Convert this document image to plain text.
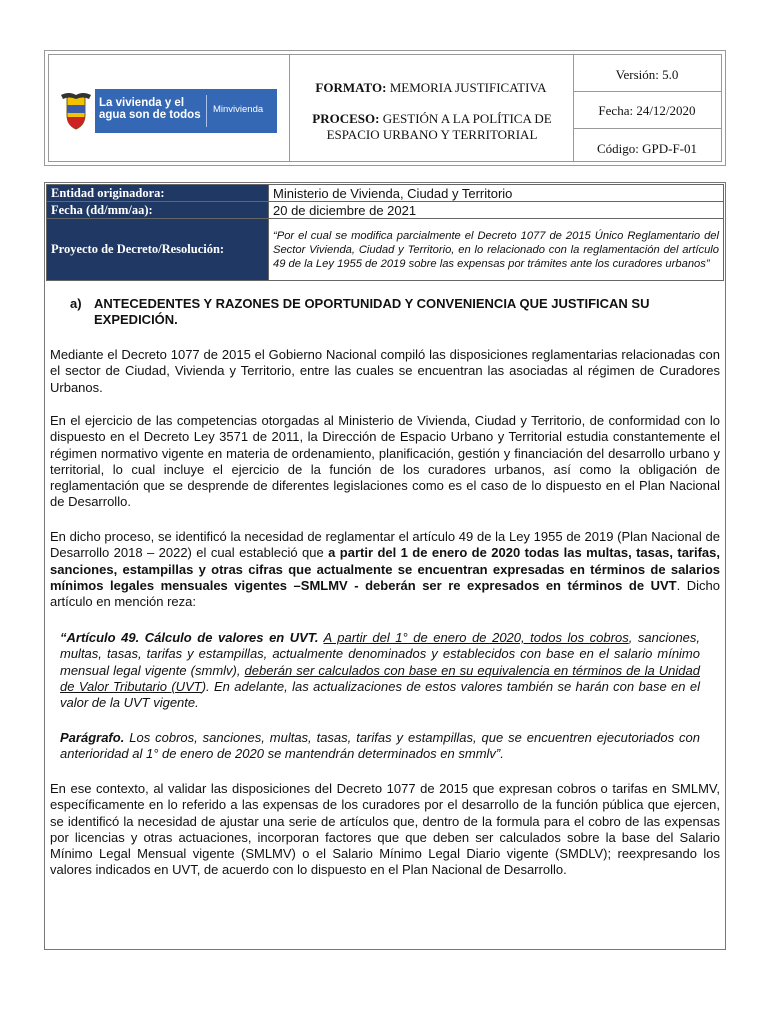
La vivienda y el agua son de todos	Minvivienda
FORMATO: MEMORIA JUSTIFICATIVA
PROCESO: GESTIÓN A LA POLÍTICA DE ESPACIO URBANO Y TERRITORIAL
Versión: 5.0
Fecha: 24/12/2020
Código: GPD-F-01
Entidad originadora:	Ministerio de Vivienda, Ciudad y Territorio
Fecha (dd/mm/aa):	20 de diciembre de 2021
Proyecto de Decreto/Resolución:	“Por el cual se modifica parcialmente el Decreto 1077 de 2015 Único Reglamentario del Sector Vivienda, Ciudad y Territorio, en lo relacionado con la reglamentación del artículo 49 de la Ley 1955 de 2019 sobre las expensas por trámites ante los curadores urbanos”
a) ANTECEDENTES Y RAZONES DE OPORTUNIDAD Y CONVENIENCIA QUE JUSTIFICAN SU EXPEDICIÓN.
Mediante el Decreto 1077 de 2015 el Gobierno Nacional compiló las disposiciones reglamentarias relacionadas con el sector de Ciudad, Vivienda y Territorio, entre las cuales se encuentran las asociadas al régimen de Curadores Urbanos.
En el ejercicio de las competencias otorgadas al Ministerio de Vivienda, Ciudad y Territorio, de conformidad con lo dispuesto en el Decreto Ley 3571 de 2011, la Dirección de Espacio Urbano y Territorial estudia constantemente el régimen normativo vigente en materia de ordenamiento, planificación, gestión y financiación del desarrollo urbano y territorial, lo cual incluye el ejercicio de la función de los curadores urbanos, así como la obligación de reglamentación que se desprende de diferentes legislaciones como es el caso de lo dispuesto en el Plan Nacional de Desarrollo.
En dicho proceso, se identificó la necesidad de reglamentar el artículo 49 de la Ley 1955 de 2019 (Plan Nacional de Desarrollo 2018 – 2022) el cual estableció que a partir del 1 de enero de 2020 todas las multas, tasas, tarifas, sanciones, estampillas y otras cifras que actualmente se encuentran expresadas en términos de salarios mínimos legales mensuales vigentes –SMLMV - deberán ser re expresados en términos de UVT. Dicho artículo en mención reza:
“Artículo 49. Cálculo de valores en UVT. A partir del 1° de enero de 2020, todos los cobros, sanciones, multas, tasas, tarifas y estampillas, actualmente denominados y establecidos con base en el salario mínimo mensual legal vigente (smmlv), deberán ser calculados con base en su equivalencia en términos de la Unidad de Valor Tributario (UVT). En adelante, las actualizaciones de estos valores también se harán con base en el valor de la UVT vigente.
Parágrafo. Los cobros, sanciones, multas, tasas, tarifas y estampillas, que se encuentren ejecutoriados con anterioridad al 1° de enero de 2020 se mantendrán determinados en smmlv”.
En ese contexto, al validar las disposiciones del Decreto 1077 de 2015 que expresan cobros o tarifas en SMLMV, específicamente en lo referido a las expensas de los curadores por el desarrollo de la función pública que ejercen, se identificó la necesidad de ajustar una serie de artículos que, dentro de la formula para el cobro de las expensas por licencias y otras actuaciones, incorporan factores que que deben ser calculados sobre la base del Salario Mínimo Legal Mensual vigente (SMLMV) o el Salario Mínimo Legal Diario vigente (SMDLV); reexpresando los valores indicados en UVT, de acuerdo con lo dispuesto en el Plan Nacional de Desarrollo.
